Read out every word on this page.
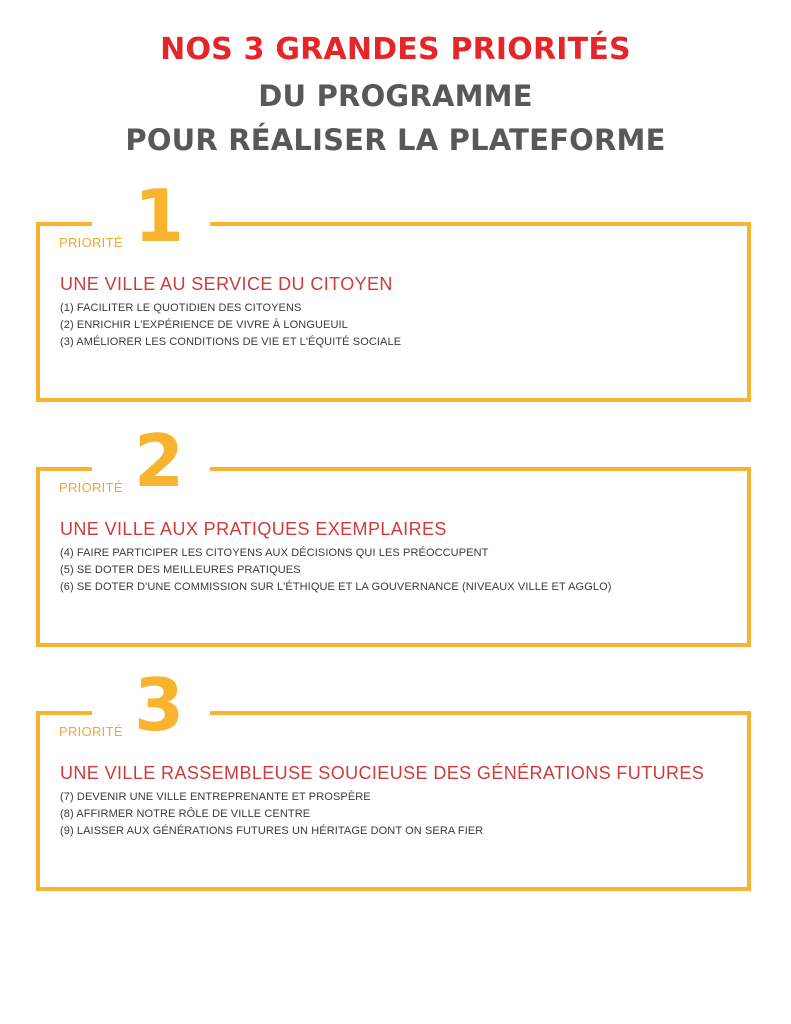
NOS 3 GRANDES PRIORITÉS
DU PROGRAMME
POUR RÉALISER LA PLATEFORME
1
PRIORITÉ
UNE VILLE AU SERVICE DU CITOYEN
(1) FACILITER LE QUOTIDIEN DES CITOYENS
(2) ENRICHIR L'EXPÉRIENCE DE VIVRE À LONGUEUIL
(3) AMÉLIORER LES CONDITIONS DE VIE ET L'ÉQUITÉ SOCIALE
2
PRIORITÉ
UNE VILLE AUX PRATIQUES EXEMPLAIRES
(4) FAIRE PARTICIPER LES CITOYENS AUX DÉCISIONS QUI LES PRÉOCCUPENT
(5) SE DOTER DES MEILLEURES PRATIQUES
(6) SE DOTER D'UNE COMMISSION SUR L'ÉTHIQUE ET LA GOUVERNANCE (NIVEAUX VILLE ET AGGLO)
3
PRIORITÉ
UNE VILLE RASSEMBLEUSE SOUCIEUSE DES GÉNÉRATIONS FUTURES
(7) DEVENIR UNE VILLE ENTREPRENANTE ET PROSPÈRE
(8) AFFIRMER NOTRE RÔLE DE VILLE CENTRE
(9) LAISSER AUX GÉNÉRATIONS FUTURES UN HÉRITAGE DONT ON SERA FIER
